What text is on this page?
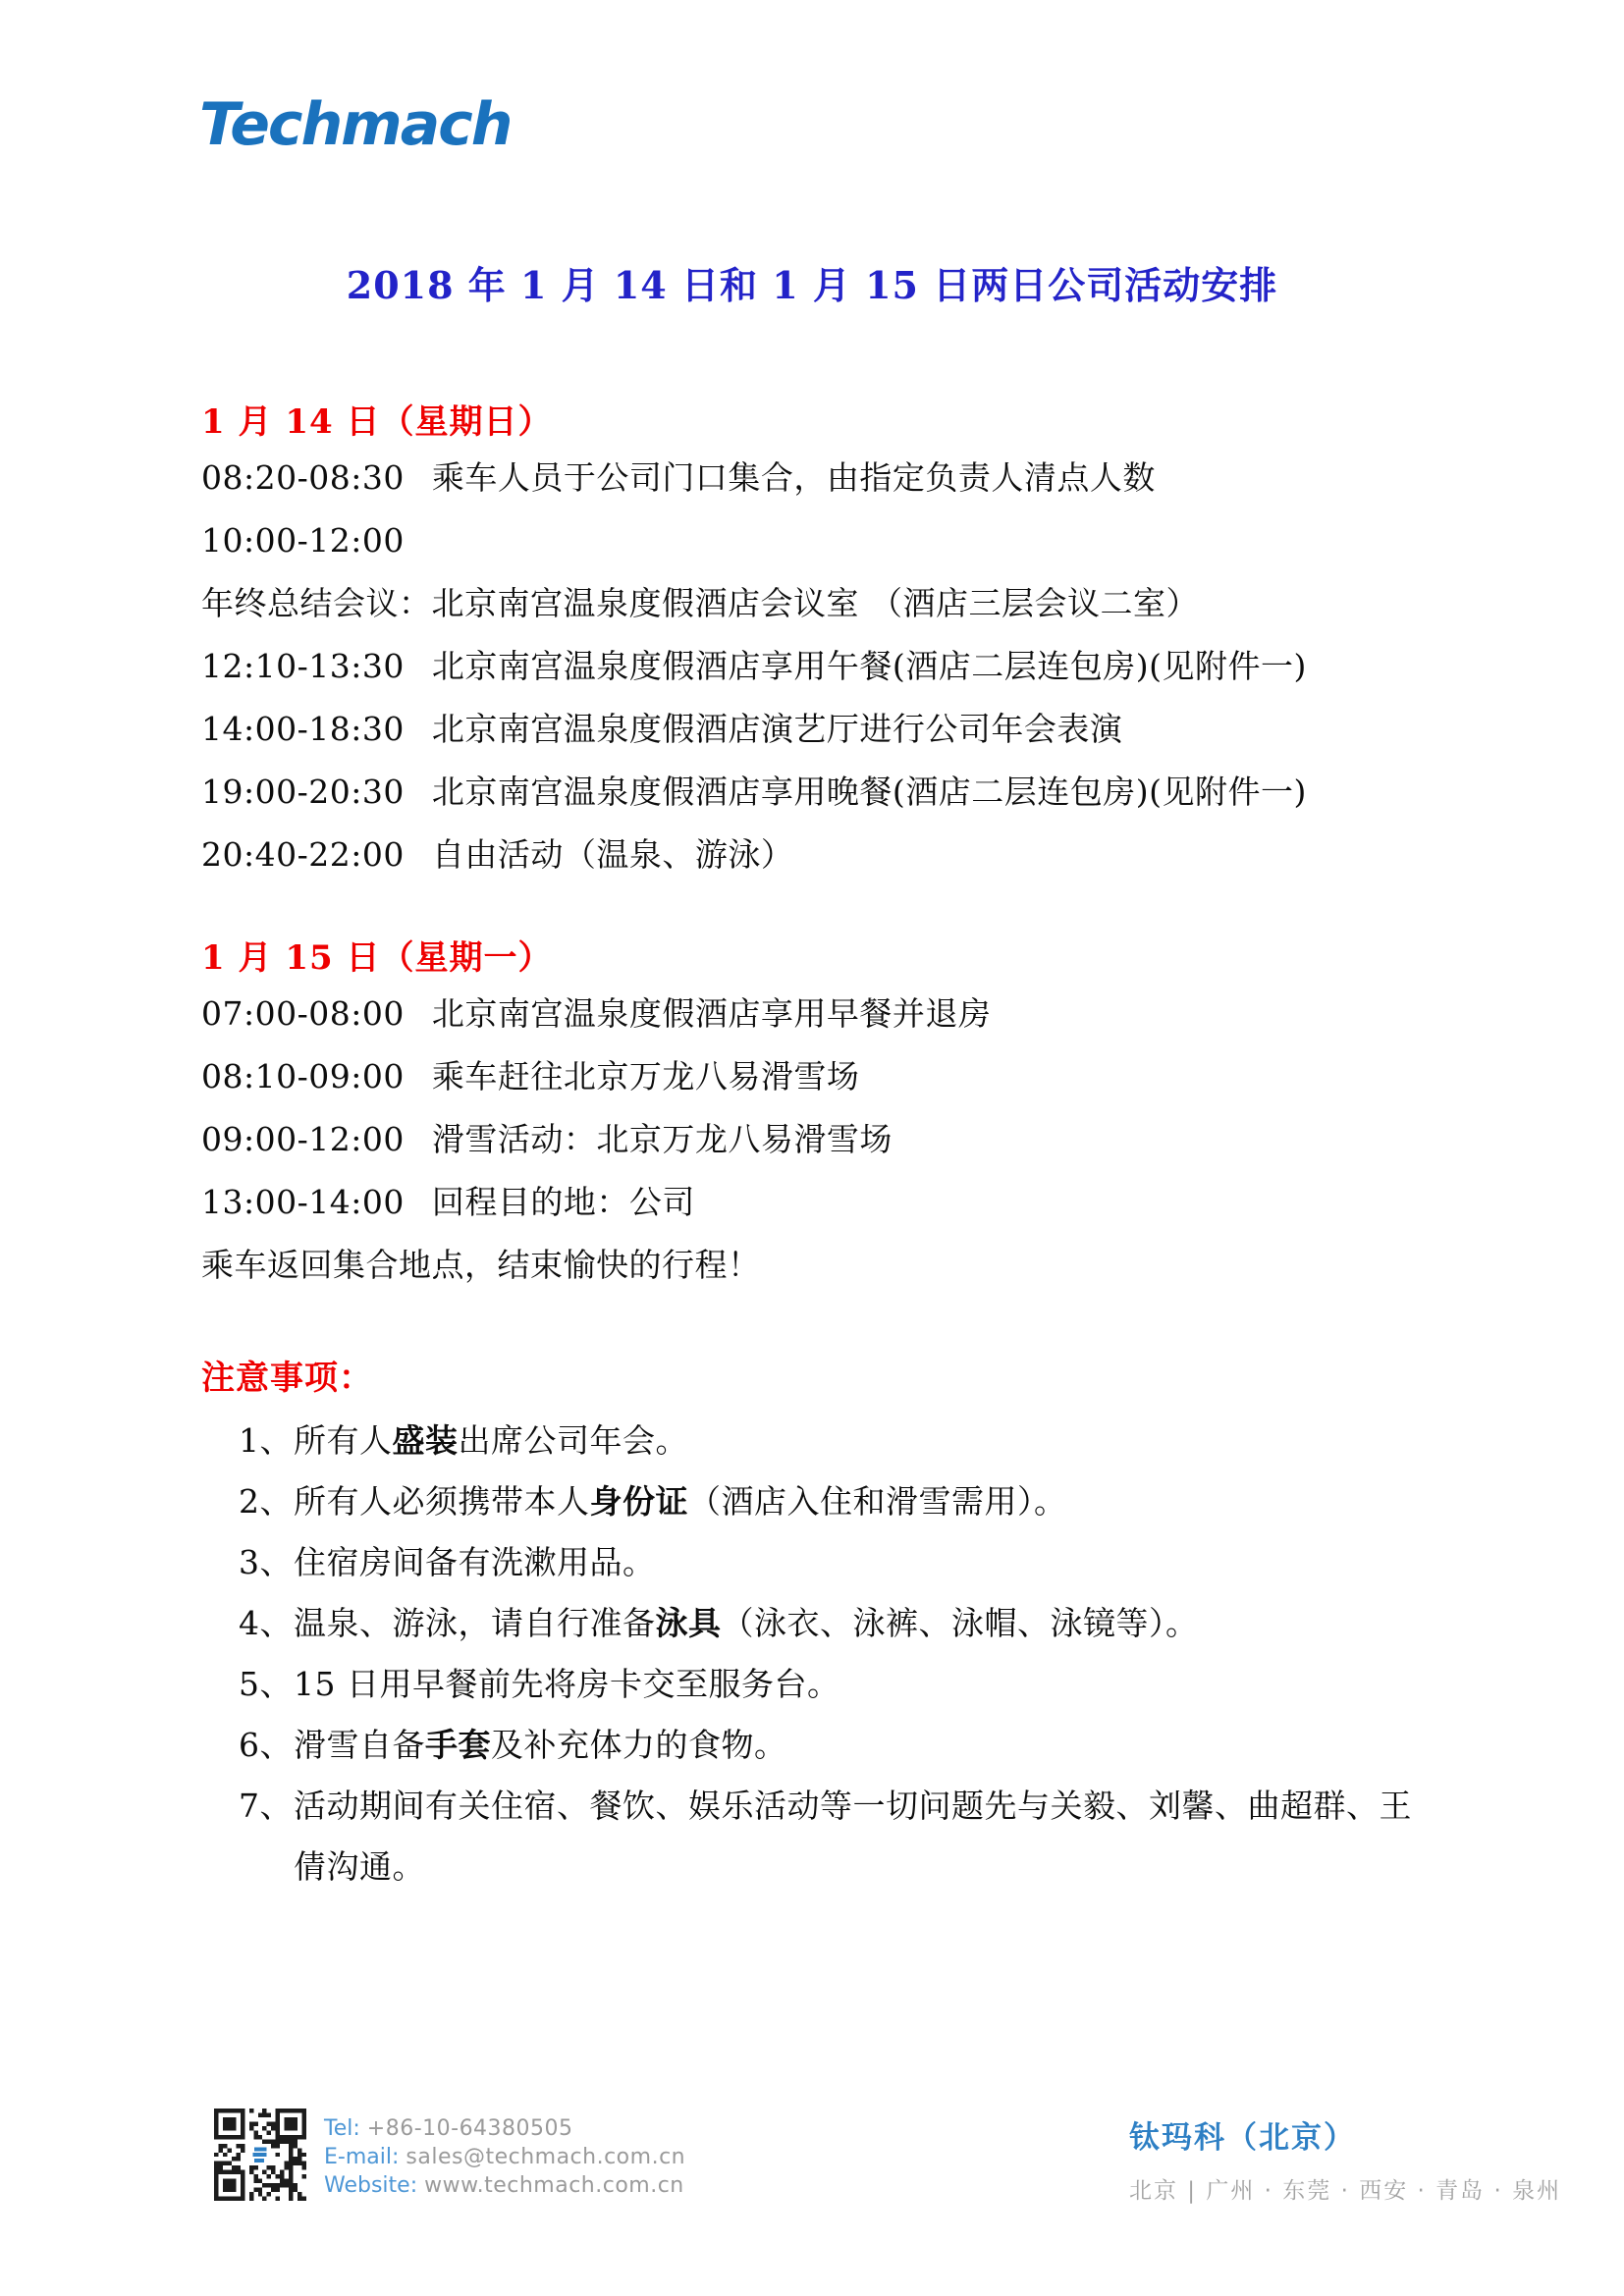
Techmach
2018 年 1 月 14 日和 1 月 15 日两日公司活动安排
1 月 14 日（星期日）
08:20-08:30 乘车人员于公司门口集合，由指定负责人清点人数
10:00-12:00年终总结会议：北京南宫温泉度假酒店会议室 （酒店三层会议二室）
12:10-13:30 北京南宫温泉度假酒店享用午餐(酒店二层连包房)(见附件一)
14:00-18:30 北京南宫温泉度假酒店演艺厅进行公司年会表演
19:00-20:30 北京南宫温泉度假酒店享用晚餐(酒店二层连包房)(见附件一)
20:40-22:00 自由活动（温泉、游泳）
1 月 15 日（星期一）
07:00-08:00 北京南宫温泉度假酒店享用早餐并退房
08:10-09:00 乘车赶往北京万龙八易滑雪场
09:00-12:00 滑雪活动：北京万龙八易滑雪场
13:00-14:00 回程目的地：公司
乘车返回集合地点，结束愉快的行程！
注意事项：
1、 所有人盛装出席公司年会。
2、 所有人必须携带本人身份证（酒店入住和滑雪需用）。
3、 住宿房间备有洗漱用品。
4、 温泉、游泳，请自行准备泳具（泳衣、泳裤、泳帽、泳镜等）。
5、 15 日用早餐前先将房卡交至服务台。
6、 滑雪自备手套及补充体力的食物。
7、 活动期间有关住宿、餐饮、娱乐活动等一切问题先与关毅、刘馨、曲超群、王倩沟通。
Tel: +86-10-64380505
E-mail: sales@techmach.com.cn
Website: www.techmach.com.cn
钛玛科（北京）
北京 | 广州 · 东莞 · 西安 · 青岛 · 泉州
